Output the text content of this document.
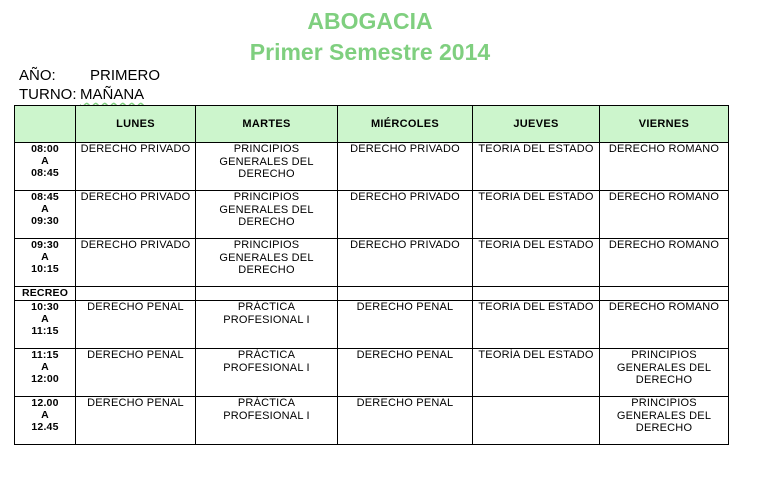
ABOGACIA
Primer Semestre 2014
AÑO: PRIMERO
TURNO: MAÑANA
	LUNES	MARTES	MIÉRCOLES	JUEVES	VIERNES

08:00
A
08:45	DERECHO PRIVADO	PRINCIPIOS GENERALES DEL DERECHO	DERECHO PRIVADO	TEORIA DEL ESTADO	DERECHO ROMANO

08:45
A
09:30	DERECHO PRIVADO	PRINCIPIOS GENERALES DEL DERECHO	DERECHO PRIVADO	TEORIA DEL ESTADO	DERECHO ROMANO

09:30
A
10:15	DERECHO PRIVADO	PRINCIPIOS GENERALES DEL DERECHO	DERECHO PRIVADO	TEORIA DEL ESTADO	DERECHO ROMANO
RECREO					

10:30
A
11:15	DERECHO PENAL	PRÁCTICA PROFESIONAL I	DERECHO PENAL	TEORIA DEL ESTADO	DERECHO ROMANO

11:15
A
12:00	DERECHO PENAL	PRÁCTICA PROFESIONAL I	DERECHO PENAL	TEORÍA DEL ESTADO	PRINCIPIOS GENERALES DEL DERECHO

12.00
A
12.45	DERECHO PENAL	PRÁCTICA PROFESIONAL I	DERECHO PENAL		PRINCIPIOS GENERALES DEL DERECHO
